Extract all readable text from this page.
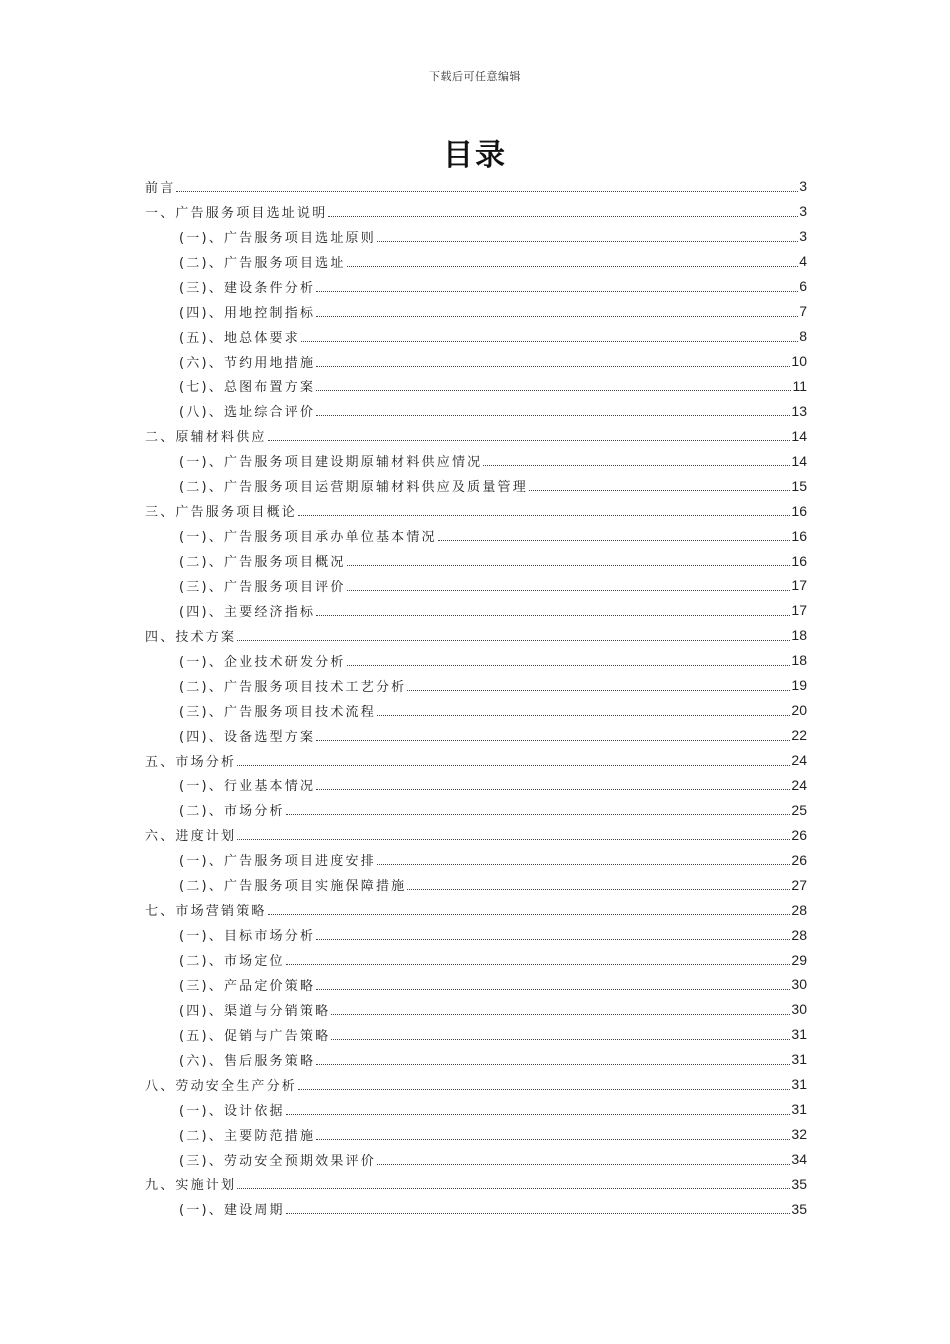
下载后可任意编辑
目录
前言	3
一、广告服务项目选址说明	3
(一)、广告服务项目选址原则	3
(二)、广告服务项目选址	4
(三)、建设条件分析	6
(四)、用地控制指标	7
(五)、地总体要求	8
(六)、节约用地措施	10
(七)、总图布置方案	11
(八)、选址综合评价	13
二、原辅材料供应	14
(一)、广告服务项目建设期原辅材料供应情况	14
(二)、广告服务项目运营期原辅材料供应及质量管理	15
三、广告服务项目概论	16
(一)、广告服务项目承办单位基本情况	16
(二)、广告服务项目概况	16
(三)、广告服务项目评价	17
(四)、主要经济指标	17
四、技术方案	18
(一)、企业技术研发分析	18
(二)、广告服务项目技术工艺分析	19
(三)、广告服务项目技术流程	20
(四)、设备选型方案	22
五、市场分析	24
(一)、行业基本情况	24
(二)、市场分析	25
六、进度计划	26
(一)、广告服务项目进度安排	26
(二)、广告服务项目实施保障措施	27
七、市场营销策略	28
(一)、目标市场分析	28
(二)、市场定位	29
(三)、产品定价策略	30
(四)、渠道与分销策略	30
(五)、促销与广告策略	31
(六)、售后服务策略	31
八、劳动安全生产分析	31
(一)、设计依据	31
(二)、主要防范措施	32
(三)、劳动安全预期效果评价	34
九、实施计划	35
(一)、建设周期	35
